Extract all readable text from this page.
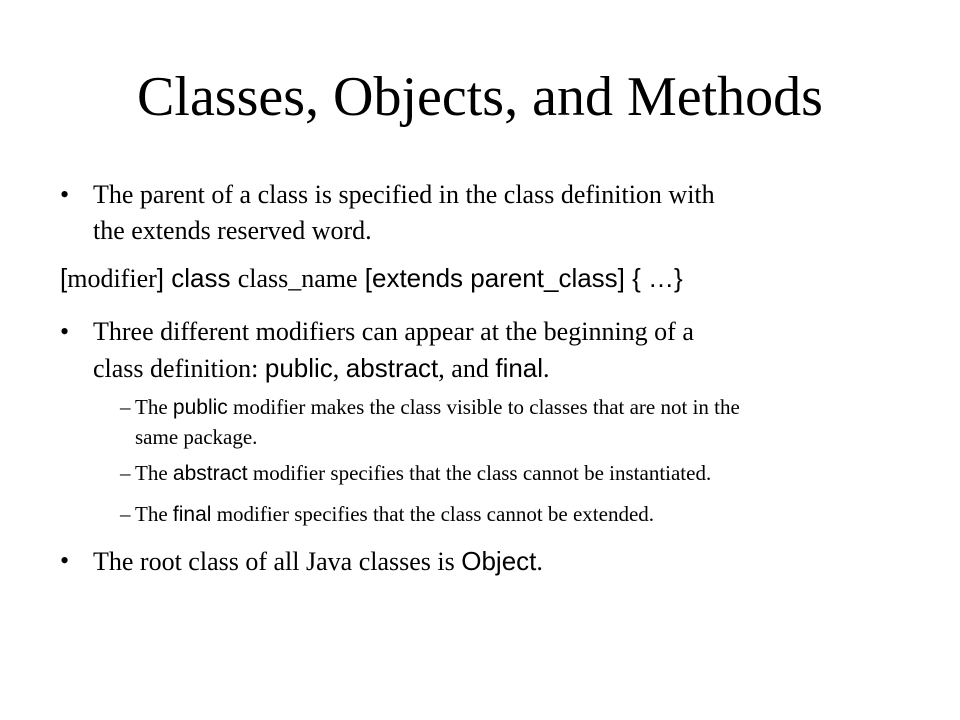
Classes, Objects, and Methods
• The parent of a class is specified in the class definition with
the extends reserved word.
[modifier] class class_name [extends parent_class] { …}
• Three different modifiers can appear at the beginning of a
class definition: public, abstract, and final.
– The public modifier makes the class visible to classes that are not in the
same package.
– The abstract modifier specifies that the class cannot be instantiated.
– The final modifier specifies that the class cannot be extended.
• The root class of all Java classes is Object.
